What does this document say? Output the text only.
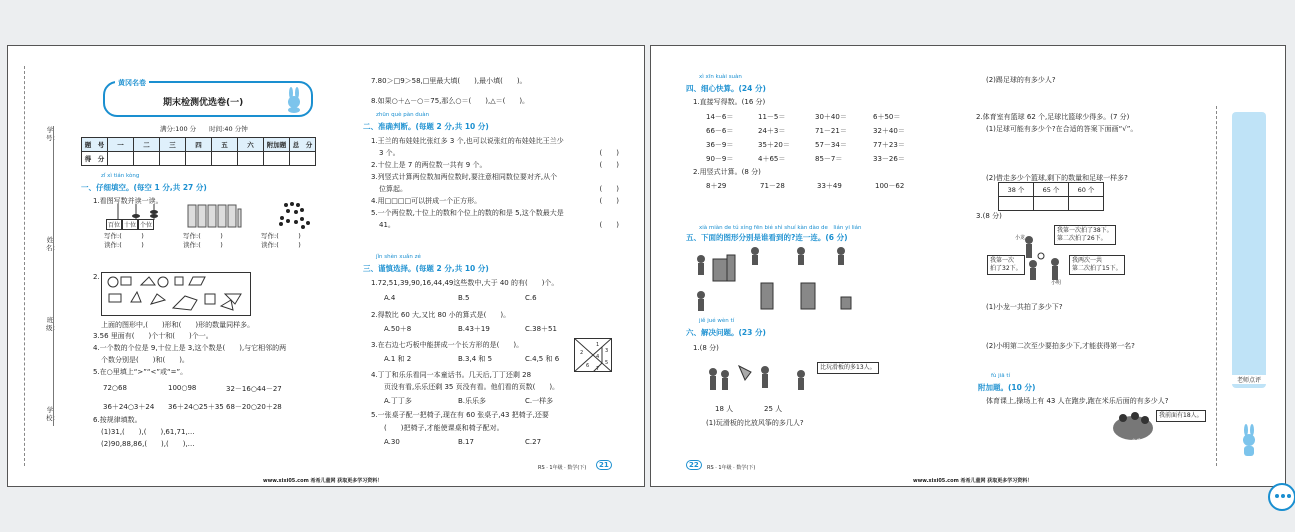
学号：
姓名：
班级：
学校：
黄冈名卷
期末检测优选卷(一)
满分:100 分　　时间:40 分钟
题　号	一	二	三	四	五	六	附加题	总　分
得　分								
zǐ xì tián kòng
一、仔细填空。(每空 1 分,共 27 分)
1.看图写数并读一读。
百位 十位 个位
写作:(　　　)
读作:(　　　)
写作:(　　　)
读作:(　　　)
写作:(　　　)
读作:(　　　)
2.
上面的图形中,(　　)形和(　　)形的数量同样多。
3.56 里面有(　　)个十和(　　)个一。
4.一个数的个位是 9,十位上是 3,这个数是(　　),与它相邻的两
个数分别是(　　)和(　　)。
5.在○里填上“>”“<”或“=”。
72○68	100○98	32－16○44－27
36＋24○3＋24 36＋24○25＋35 68－20○20＋28
6.按规律填数。
(1)31,(　　),(　　),61,71,…
(2)90,88,86,(　　),(　　),…
7.80＞□9＞58,□里最大填(　　),最小填(　　)。
8.如果○＋△－○＝75,那么○＝(　　),△＝(　　)。
zhūn què pàn duàn
二、准确判断。(每题 2 分,共 10 分)
1.王兰的布娃娃比张红多 3 个,也可以说张红的布娃娃比王兰少
3 个。	(　　)
2.十位上是 7 的两位数一共有 9 个。	(　　)
3.列竖式计算两位数加两位数时,要注意相同数位要对齐,从个
位算起。	(　　)
4.用□□□□可以拼成一个正方形。	(　　)
5.一个两位数,十位上的数和个位上的数的和是 5,这个数最大是
41。	(　　)
jǐn shèn xuǎn zé
三、谨慎选择。(每题 2 分,共 10 分)
1.72,51,39,90,16,44,49这些数中,大于 40 的有(　　)个。
A.4	B.5	C.6
2.得数比 60 大,又比 80 小的算式是(　　)。
A.50＋8	B.43＋19	C.38＋51
3.在右边七巧板中能拼成一个长方形的是(　　)。
A.1 和 2	B.3,4 和 5	C.4,5 和 6
1
2	3
4
5
6 7
4.丁丁和乐乐看同一本童话书。几天后,丁丁还剩 28
页没有看,乐乐还剩 35 页没有看。他们看的页数(　　)。
A.丁丁多	B.乐乐多	C.一样多
5.一张桌子配一把椅子,现在有 60 张桌子,43 把椅子,还要
(　　)把椅子,才能使课桌和椅子配对。
A.30	B.17	C.27
RS · 1年级 · 数学(下)	21
www.xixi05.com 希希儿童网 获取更多学习资料！
xì xīn kuài suàn
四、细心快算。(24 分)
1.直接写得数。(16 分)
14－6＝	11－5＝	30＋40＝	6＋50＝
66－6＝	24＋3＝	71－21＝	32＋40＝
36－9＝	35＋20＝	57－34＝	77＋23＝
90－9＝	4＋65＝	85－7＝	33－26＝
2.用竖式计算。(8 分)
8＋29	71－28	33＋49	100－62
xià miàn de tú xíng fēn bié shì shuí kàn dào de　lián yi lián
五、下面的图形分别是谁看到的?连一连。(6 分)
jiě jué wèn tí
六、解决问题。(23 分)
1.(8 分)
比玩滑板的多13人。
18 人	25 人
(1)玩滑板的比放风筝的多几人?
(2)踢足球的有多少人?
2.体育室有篮球 62 个,足球比篮球少得多。(7 分)
(1)足球可能有多少个?在合适的答案下面画“√”。
38 个	65 个	60 个

(2)借走多少个篮球,剩下的数量和足球一样多?
3.(8 分)
我第一次拍了38下。
第二次拍了26下。
我第一次
拍了32下。
我两次一共
第二次拍了15下。
小龙
小明
(1)小龙一共拍了多少下?
(2)小明第二次至少要拍多少下,才能获得第一名?
fù jiā tí
附加题。(10 分)
体育课上,操场上有 43 人在跑步,跑在米乐后面的有多少人?
我前面有18人。
米乐
老师点评
22	RS · 1年级 · 数学(下)
www.xixi05.com 希希儿童网 获取更多学习资料！
